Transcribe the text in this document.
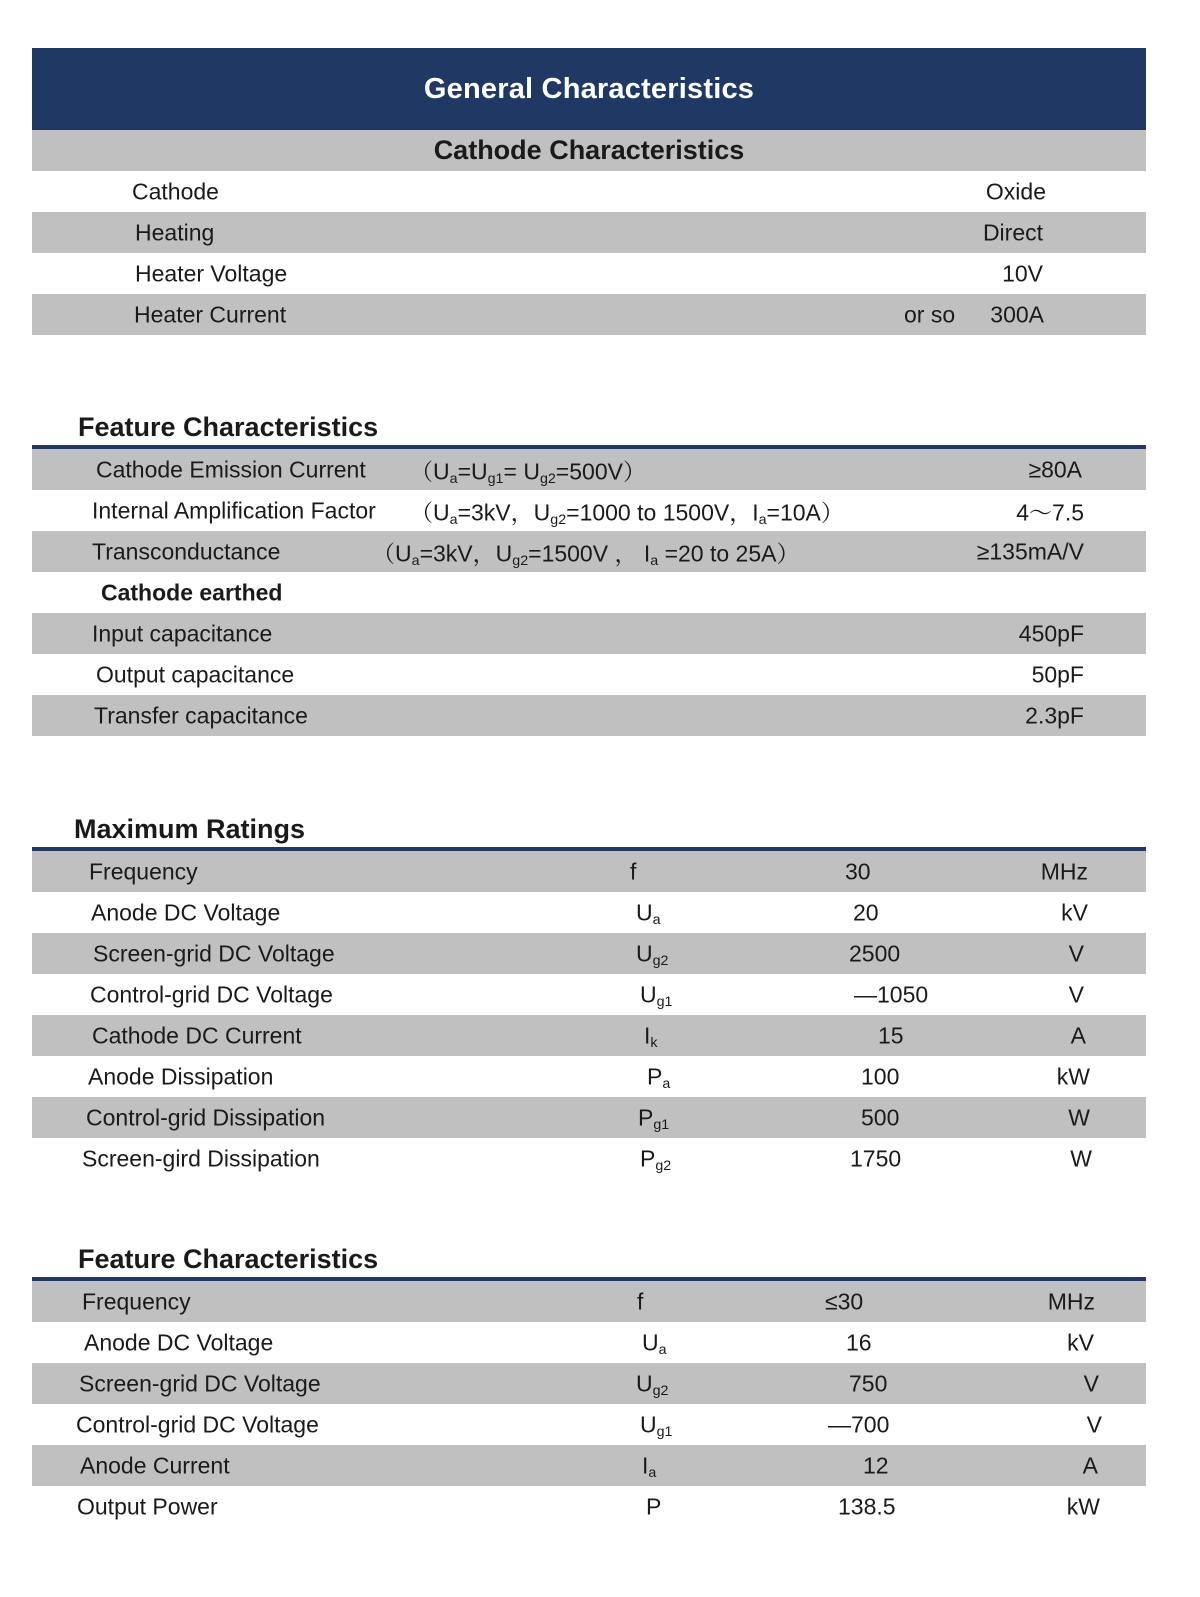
General Characteristics
Cathode Characteristics
Cathode	Oxide
Heating	Direct
Heater Voltage	10V
Heater Current	or so 300A
Feature Characteristics
Cathode Emission Current $(U_a=U_{g1}= U_{g2}=500V)$	≥80A
Internal Amplification Factor （$U_a=3kV$，$U_{g2}=1000$ to 1500V，$I_a=10A$）	4～7.5
Transconductance	（$U_a=3kV$，$U_{g2}=1500V$ ， $I_a =20$ to 25A）	≥135mA/V
Cathode earthed
Input capacitance	450pF
Output capacitance	50pF
Transfer capacitance	2.3pF
Maximum Ratings
Frequency	f	30	MHz
Anode DC Voltage	$U_a$	20	kV
Screen-grid DC Voltage	$U_{g2}$	2500	V
Control-grid DC Voltage	$U_{g1}$	—1050	V
Cathode DC Current	$I_k$	15	A
Anode Dissipation	$P_a$	100	kW
Control-grid Dissipation	$P_{g1}$	500	W
Screen-gird Dissipation	$P_{g2}$	1750	W
Feature Characteristics
Frequency	f	≤30	MHz
Anode DC Voltage	$U_a$	16	kV
Screen-grid DC Voltage	$U_{g2}$	750	V
Control-grid DC Voltage	$U_{g1}$	—700	V
Anode Current	$I_a$	12	A
Output Power	P	138.5	kW
